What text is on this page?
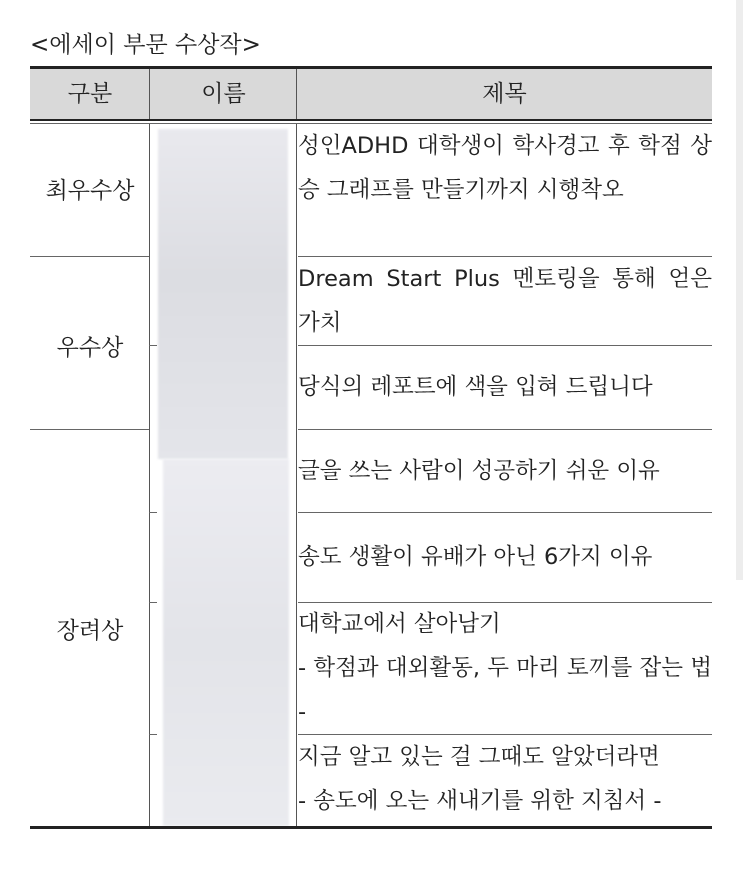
<에세이 부문 수상작>
구분	이름	제목
최우수상
우수상
장려상
성인ADHD 대학생이 학사경고 후 학점 상승 그래프를 만들기까지 시행착오
Dream Start Plus 멘토링을 통해 얻은 가치
당식의 레포트에 색을 입혀 드립니다
글을 쓰는 사람이 성공하기 쉬운 이유
송도 생활이 유배가 아닌 6가지 이유
대학교에서 살아남기
- 학점과 대외활동, 두 마리 토끼를 잡는 법 -
지금 알고 있는 걸 그때도 알았더라면
- 송도에 오는 새내기를 위한 지침서 -
